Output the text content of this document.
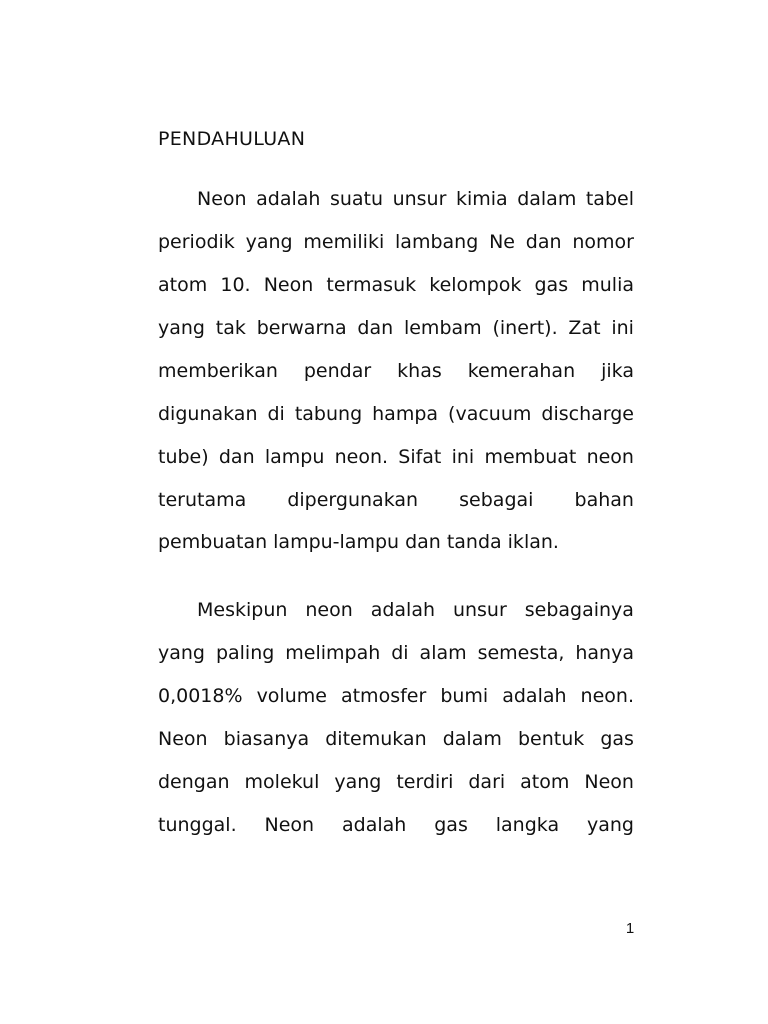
PENDAHULUAN
Neon adalah suatu unsur kimia dalam tabel
periodik yang memiliki lambang Ne dan nomor
atom 10. Neon termasuk kelompok gas mulia
yang tak berwarna dan lembam (inert). Zat ini
memberikan pendar khas kemerahan jika
digunakan di tabung hampa (vacuum discharge
tube) dan lampu neon. Sifat ini membuat neon
terutama dipergunakan sebagai bahan
pembuatan lampu-lampu dan tanda iklan.
Meskipun neon adalah unsur sebagainya
yang paling melimpah di alam semesta, hanya
0,0018% volume atmosfer bumi adalah neon.
Neon biasanya ditemukan dalam bentuk gas
dengan molekul yang terdiri dari atom Neon
tunggal. Neon adalah gas langka yang
1
